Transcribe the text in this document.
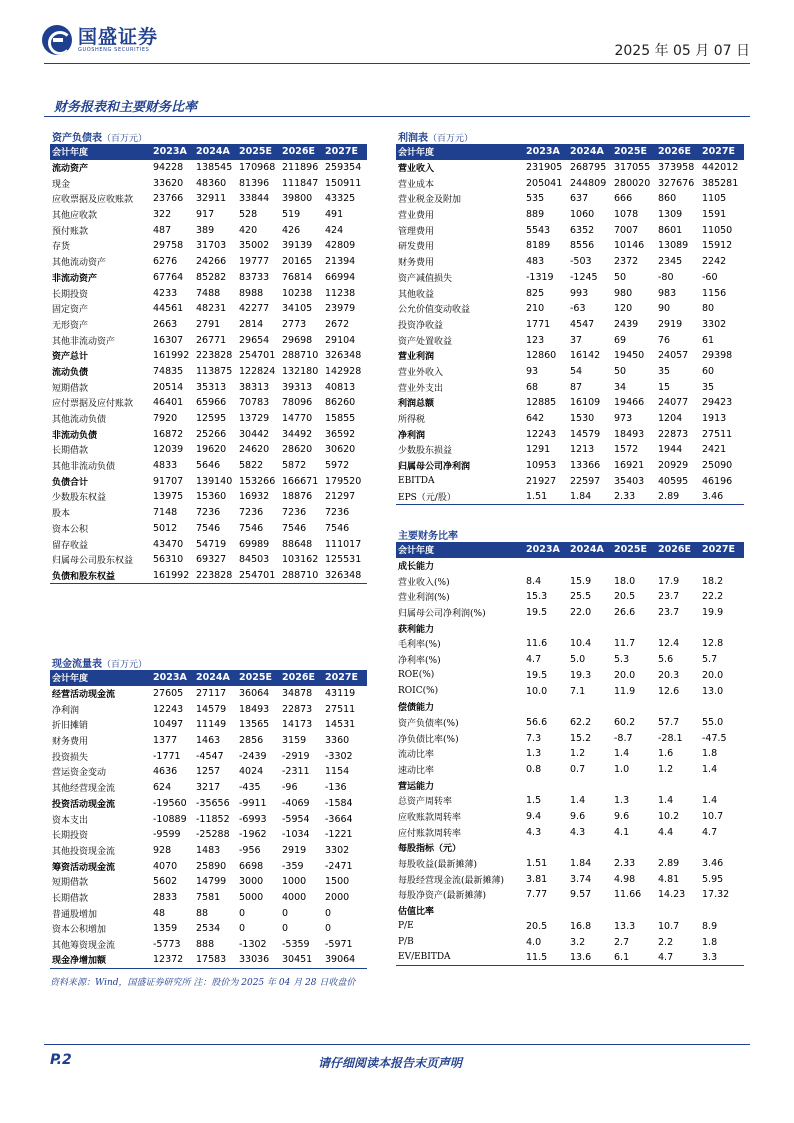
国盛证券
GUOSHENG SECURITIES	2025 年 05 月 07 日
财务报表和主要财务比率
资产负债表（百万元）
会计年度	2023A	2024A	2025E	2026E	2027E
流动资产	94228	138545	170968	211896	259354
现金	33620	48360	81396	111847	150911
应收票据及应收账款	23766	32911	33844	39800	43325
其他应收款	322	917	528	519	491
预付账款	487	389	420	426	424
存货	29758	31703	35002	39139	42809
其他流动资产	6276	24266	19777	20165	21394
非流动资产	67764	85282	83733	76814	66994
长期投资	4233	7488	8988	10238	11238
固定资产	44561	48231	42277	34105	23979
无形资产	2663	2791	2814	2773	2672
其他非流动资产	16307	26771	29654	29698	29104
资产总计	161992	223828	254701	288710	326348
流动负债	74835	113875	122824	132180	142928
短期借款	20514	35313	38313	39313	40813
应付票据及应付账款	46401	65966	70783	78096	86260
其他流动负债	7920	12595	13729	14770	15855
非流动负债	16872	25266	30442	34492	36592
长期借款	12039	19620	24620	28620	30620
其他非流动负债	4833	5646	5822	5872	5972
负债合计	91707	139140	153266	166671	179520
少数股东权益	13975	15360	16932	18876	21297
股本	7148	7236	7236	7236	7236
资本公积	5012	7546	7546	7546	7546
留存收益	43470	54719	69989	88648	111017
归属母公司股东权益	56310	69327	84503	103162	125531
负债和股东权益	161992	223828	254701	288710	326348
现金流量表（百万元）
会计年度	2023A	2024A	2025E	2026E	2027E
经营活动现金流	27605	27117	36064	34878	43119
净利润	12243	14579	18493	22873	27511
折旧摊销	10497	11149	13565	14173	14531
财务费用	1377	1463	2856	3159	3360
投资损失	-1771	-4547	-2439	-2919	-3302
营运资金变动	4636	1257	4024	-2311	1154
其他经营现金流	624	3217	-435	-96	-136
投资活动现金流	-19560	-35656	-9911	-4069	-1584
资本支出	-10889	-11852	-6993	-5954	-3664
长期投资	-9599	-25288	-1962	-1034	-1221
其他投资现金流	928	1483	-956	2919	3302
筹资活动现金流	4070	25890	6698	-359	-2471
短期借款	5602	14799	3000	1000	1500
长期借款	2833	7581	5000	4000	2000
普通股增加	48	88	0	0	0
资本公积增加	1359	2534	0	0	0
其他筹资现金流	-5773	888	-1302	-5359	-5971
现金净增加额	12372	17583	33036	30451	39064
利润表（百万元）
会计年度	2023A	2024A	2025E	2026E	2027E
营业收入	231905	268795	317055	373958	442012
营业成本	205041	244809	280020	327676	385281
营业税金及附加	535	637	666	860	1105
营业费用	889	1060	1078	1309	1591
管理费用	5543	6352	7007	8601	11050
研发费用	8189	8556	10146	13089	15912
财务费用	483	-503	2372	2345	2242
资产减值损失	-1319	-1245	50	-80	-60
其他收益	825	993	980	983	1156
公允价值变动收益	210	-63	120	90	80
投资净收益	1771	4547	2439	2919	3302
资产处置收益	123	37	69	76	61
营业利润	12860	16142	19450	24057	29398
营业外收入	93	54	50	35	60
营业外支出	68	87	34	15	35
利润总额	12885	16109	19466	24077	29423
所得税	642	1530	973	1204	1913
净利润	12243	14579	18493	22873	27511
少数股东损益	1291	1213	1572	1944	2421
归属母公司净利润	10953	13366	16921	20929	25090
EBITDA	21927	22597	35403	40595	46196
EPS（元/股）	1.51	1.84	2.33	2.89	3.46
主要财务比率
会计年度	2023A	2024A	2025E	2026E	2027E
成长能力					
营业收入(%)	8.4	15.9	18.0	17.9	18.2
营业利润(%)	15.3	25.5	20.5	23.7	22.2
归属母公司净利润(%)	19.5	22.0	26.6	23.7	19.9
获利能力					
毛利率(%)	11.6	10.4	11.7	12.4	12.8
净利率(%)	4.7	5.0	5.3	5.6	5.7
ROE(%)	19.5	19.3	20.0	20.3	20.0
ROIC(%)	10.0	7.1	11.9	12.6	13.0
偿债能力					
资产负债率(%)	56.6	62.2	60.2	57.7	55.0
净负债比率(%)	7.3	15.2	-8.7	-28.1	-47.5
流动比率	1.3	1.2	1.4	1.6	1.8
速动比率	0.8	0.7	1.0	1.2	1.4
营运能力					
总资产周转率	1.5	1.4	1.3	1.4	1.4
应收账款周转率	9.4	9.6	9.6	10.2	10.7
应付账款周转率	4.3	4.3	4.1	4.4	4.7
每股指标（元）					
每股收益(最新摊薄)	1.51	1.84	2.33	2.89	3.46
每股经营现金流(最新摊薄)	3.81	3.74	4.98	4.81	5.95
每股净资产(最新摊薄)	7.77	9.57	11.66	14.23	17.32
估值比率					
P/E	20.5	16.8	13.3	10.7	8.9
P/B	4.0	3.2	2.7	2.2	1.8
EV/EBITDA	11.5	13.6	6.1	4.7	3.3
资料来源：Wind，国盛证券研究所 注：股价为 2025 年 04 月 28 日收盘价
P.2	请仔细阅读本报告末页声明
